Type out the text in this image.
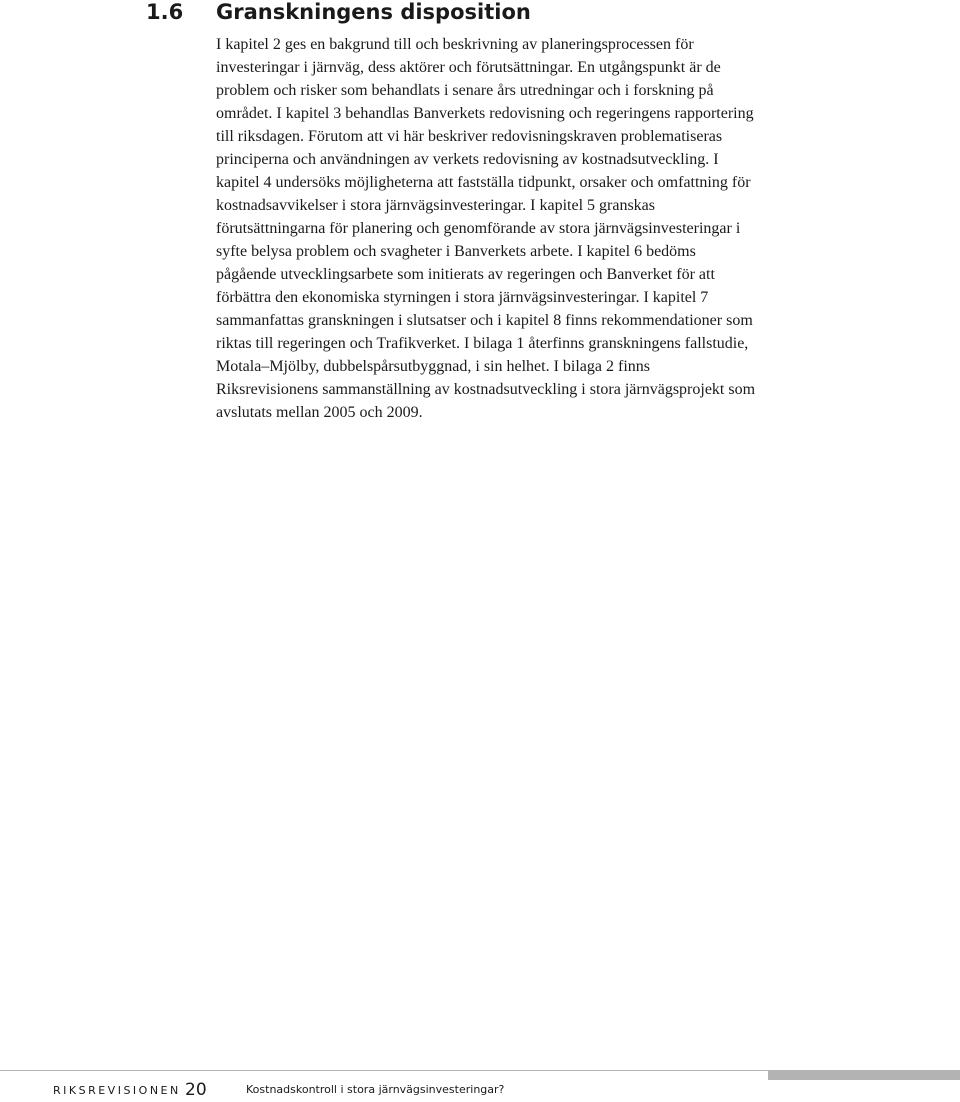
1.6 Granskningens disposition

I kapitel 2 ges en bakgrund till och beskrivning av planeringsprocessen för investeringar i järnväg, dess aktörer och förutsättningar. En utgångspunkt är de problem och risker som behandlats i senare års utredningar och i forskning på området. I kapitel 3 behandlas Banverkets redovisning och regeringens rapportering till riksdagen. Förutom att vi här beskriver redovisningskraven problematiseras principerna och användningen av verkets redovisning av kostnadsutveckling. I kapitel 4 undersöks möjligheterna att fastställa tidpunkt, orsaker och omfattning för kostnadsavvikelser i stora järnvägsinvesteringar. I kapitel 5 granskas förutsättningarna för planering och genomförande av stora järnvägsinvesteringar i syfte belysa problem och svagheter i Banverkets arbete. I kapitel 6 bedöms pågående utvecklingsarbete som initierats av regeringen och Banverket för att förbättra den ekonomiska styrningen i stora järnvägsinvesteringar. I kapitel 7 sammanfattas granskningen i slutsatser och i kapitel 8 finns rekommendationer som riktas till regeringen och Trafikverket. I bilaga 1 återfinns granskningens fallstudie, Motala–Mjölby, dubbelspårsutbyggnad, i sin helhet. I bilaga 2 finns Riksrevisionens sammanställning av kostnadsutveckling i stora järnvägsprojekt som avslutats mellan 2005 och 2009.

RIKSREVISIONEN 20	Kostnadskontroll i stora järnvägsinvesteringar?
